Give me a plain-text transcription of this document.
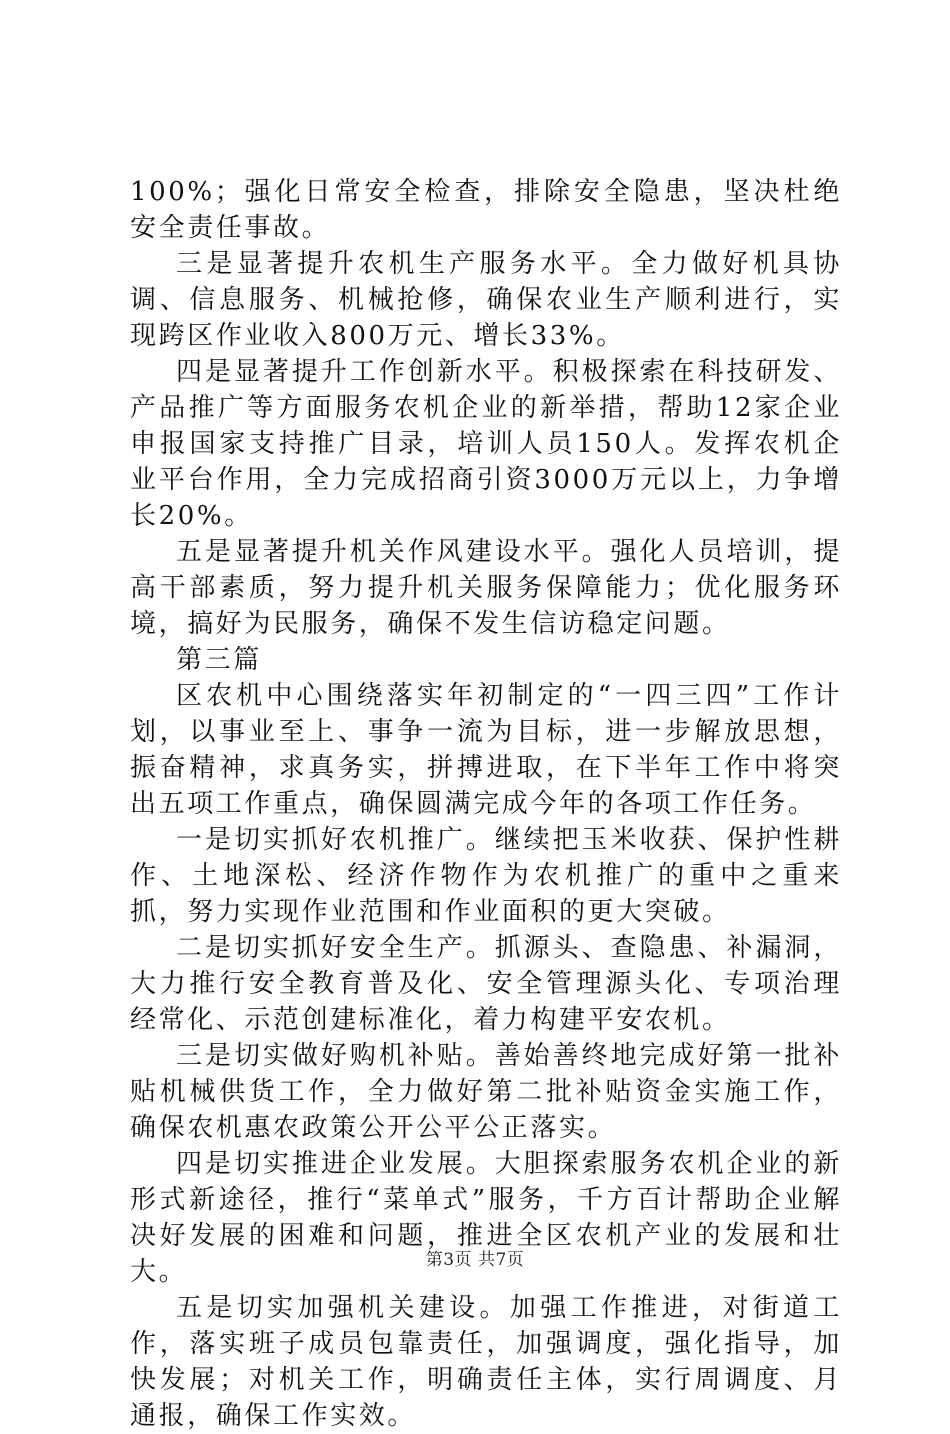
100%；强化日常安全检查，排除安全隐患，坚决杜绝安全责任事故。

三是显著提升农机生产服务水平。全力做好机具协调、信息服务、机械抢修，确保农业生产顺利进行，实现跨区作业收入800万元、增长33%。

四是显著提升工作创新水平。积极探索在科技研发、产品推广等方面服务农机企业的新举措，帮助12家企业申报国家支持推广目录，培训人员150人。发挥农机企业平台作用，全力完成招商引资3000万元以上，力争增长20%。

五是显著提升机关作风建设水平。强化人员培训，提高干部素质，努力提升机关服务保障能力；优化服务环境，搞好为民服务，确保不发生信访稳定问题。

第三篇

区农机中心围绕落实年初制定的“一四三四”工作计划，以事业至上、事争一流为目标，进一步解放思想，振奋精神，求真务实，拼搏进取，在下半年工作中将突出五项工作重点，确保圆满完成今年的各项工作任务。

一是切实抓好农机推广。继续把玉米收获、保护性耕作、土地深松、经济作物作为农机推广的重中之重来抓，努力实现作业范围和作业面积的更大突破。

二是切实抓好安全生产。抓源头、查隐患、补漏洞，大力推行安全教育普及化、安全管理源头化、专项治理经常化、示范创建标准化，着力构建平安农机。

三是切实做好购机补贴。善始善终地完成好第一批补贴机械供货工作，全力做好第二批补贴资金实施工作，确保农机惠农政策公开公平公正落实。

四是切实推进企业发展。大胆探索服务农机企业的新形式新途径，推行“菜单式”服务，千方百计帮助企业解决好发展的困难和问题，推进全区农机产业的发展和壮大。

五是切实加强机关建设。加强工作推进，对街道工作，落实班子成员包靠责任，加强调度，强化指导，加快发展；对机关工作，明确责任主体，实行周调度、月通报，确保工作实效。

第3页 共7页
